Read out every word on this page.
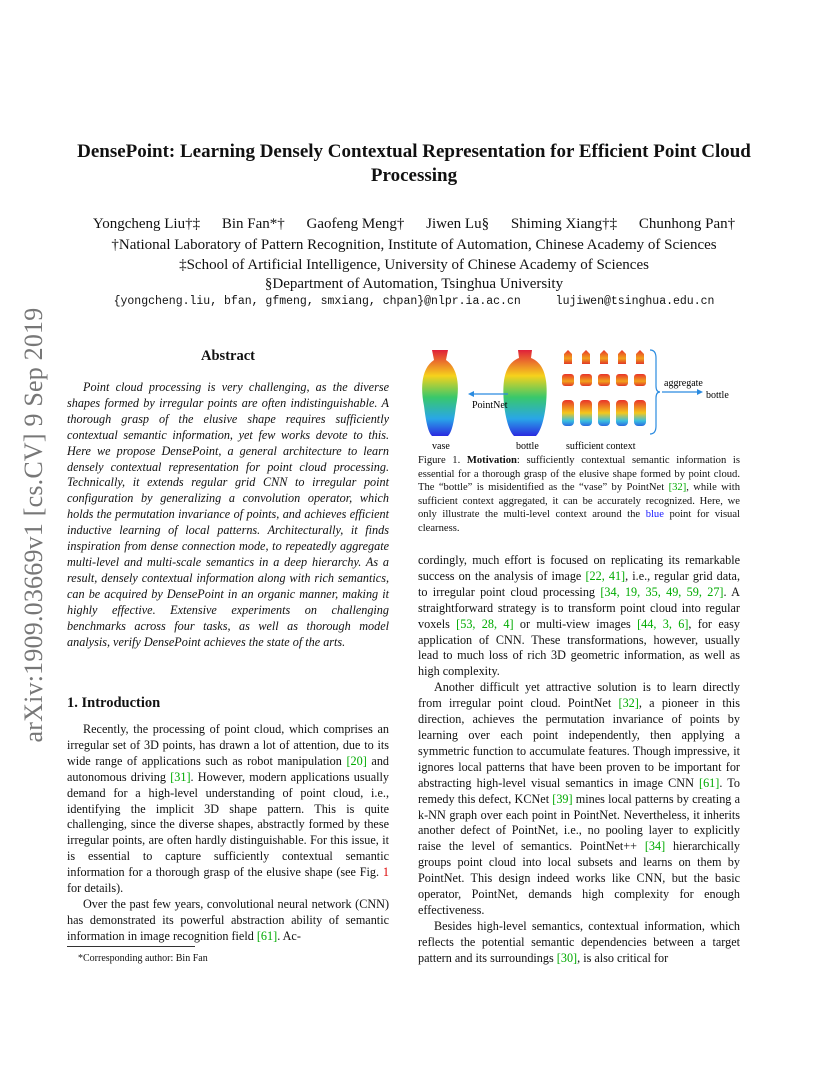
arXiv:1909.03669v1 [cs.CV] 9 Sep 2019
DensePoint: Learning Densely Contextual Representation for Efficient Point Cloud Processing
Yongcheng Liu†‡ Bin Fan*† Gaofeng Meng† Jiwen Lu§ Shiming Xiang†‡ Chunhong Pan†
†National Laboratory of Pattern Recognition, Institute of Automation, Chinese Academy of Sciences
‡School of Artificial Intelligence, University of Chinese Academy of Sciences
§Department of Automation, Tsinghua University
{yongcheng.liu, bfan, gfmeng, smxiang, chpan}@nlpr.ia.ac.cn	lujiwen@tsinghua.edu.cn
Abstract

Point cloud processing is very challenging, as the diverse shapes formed by irregular points are often indistinguishable. A thorough grasp of the elusive shape requires sufficiently contextual semantic information, yet few works devote to this. Here we propose DensePoint, a general architecture to learn densely contextual representation for point cloud processing. Technically, it extends regular grid CNN to irregular point configuration by generalizing a convolution operator, which holds the permutation invariance of points, and achieves efficient inductive learning of local patterns. Architecturally, it finds inspiration from dense connection mode, to repeatedly aggregate multi-level and multi-scale semantics in a deep hierarchy. As a result, densely contextual information along with rich semantics, can be acquired by DensePoint in an organic manner, making it highly effective. Extensive experiments on challenging benchmarks across four tasks, as well as thorough model analysis, verify DensePoint achieves the state of the arts.

1. Introduction

Recently, the processing of point cloud, which comprises an irregular set of 3D points, has drawn a lot of attention, due to its wide range of applications such as robot manipulation [20] and autonomous driving [31]. However, modern applications usually demand for a high-level understanding of point cloud, i.e., identifying the implicit 3D shape pattern. This is quite challenging, since the diverse shapes, abstractly formed by these irregular points, are often hardly distinguishable. For this issue, it is essential to capture sufficiently contextual semantic information for a thorough grasp of the elusive shape (see Fig. 1 for details).

Over the past few years, convolutional neural network (CNN) has demonstrated its powerful abstraction ability of semantic information in image recognition field [61]. Ac-

*Corresponding author: Bin Fan
PointNet
aggregate
bottle
vase	bottle	sufficient context
Figure 1. Motivation: sufficiently contextual semantic information is essential for a thorough grasp of the elusive shape formed by point cloud. The “bottle” is misidentified as the “vase” by PointNet [32], while with sufficient context aggregated, it can be accurately recognized. Here, we only illustrate the multi-level context around the blue point for visual clearness.

cordingly, much effort is focused on replicating its remarkable success on the analysis of image [22, 41], i.e., regular grid data, to irregular point cloud processing [34, 19, 35, 49, 59, 27]. A straightforward strategy is to transform point cloud into regular voxels [53, 28, 4] or multi-view images [44, 3, 6], for easy application of CNN. These transformations, however, usually lead to much loss of rich 3D geometric information, as well as high complexity.

Another difficult yet attractive solution is to learn directly from irregular point cloud. PointNet [32], a pioneer in this direction, achieves the permutation invariance of points by learning over each point independently, then applying a symmetric function to accumulate features. Though impressive, it ignores local patterns that have been proven to be important for abstracting high-level visual semantics in image CNN [61]. To remedy this defect, KCNet [39] mines local patterns by creating a k-NN graph over each point in PointNet. Nevertheless, it inherits another defect of PointNet, i.e., no pooling layer to explicitly raise the level of semantics. PointNet++ [34] hierarchically groups point cloud into local subsets and learns on them by PointNet. This design indeed works like CNN, but the basic operator, PointNet, demands high complexity for enough effectiveness.

Besides high-level semantics, contextual information, which reflects the potential semantic dependencies between a target pattern and its surroundings [30], is also critical for
